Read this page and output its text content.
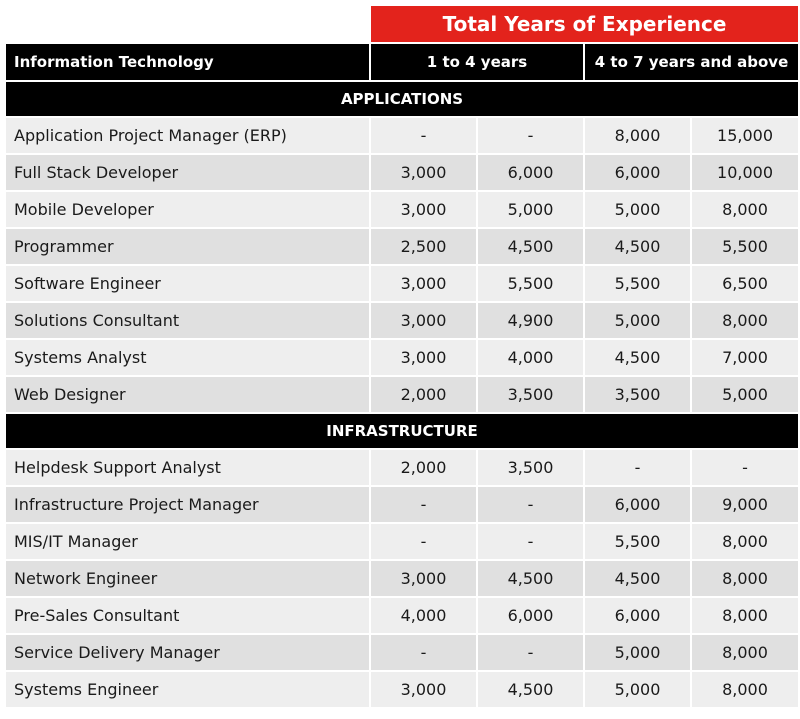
	Total Years of Experience			
Information Technology	1 to 4 years		4 to 7 years and above	
APPLICATIONS				
Application Project Manager (ERP)	-	-	8,000	15,000
Full Stack Developer	3,000	6,000	6,000	10,000
Mobile Developer	3,000	5,000	5,000	8,000
Programmer	2,500	4,500	4,500	5,500
Software Engineer	3,000	5,500	5,500	6,500
Solutions Consultant	3,000	4,900	5,000	8,000
Systems Analyst	3,000	4,000	4,500	7,000
Web Designer	2,000	3,500	3,500	5,000
INFRASTRUCTURE				
Helpdesk Support Analyst	2,000	3,500	-	-
Infrastructure Project Manager	-	-	6,000	9,000
MIS/IT Manager	-	-	5,500	8,000
Network Engineer	3,000	4,500	4,500	8,000
Pre-Sales Consultant	4,000	6,000	6,000	8,000
Service Delivery Manager	-	-	5,000	8,000
Systems Engineer	3,000	4,500	5,000	8,000
